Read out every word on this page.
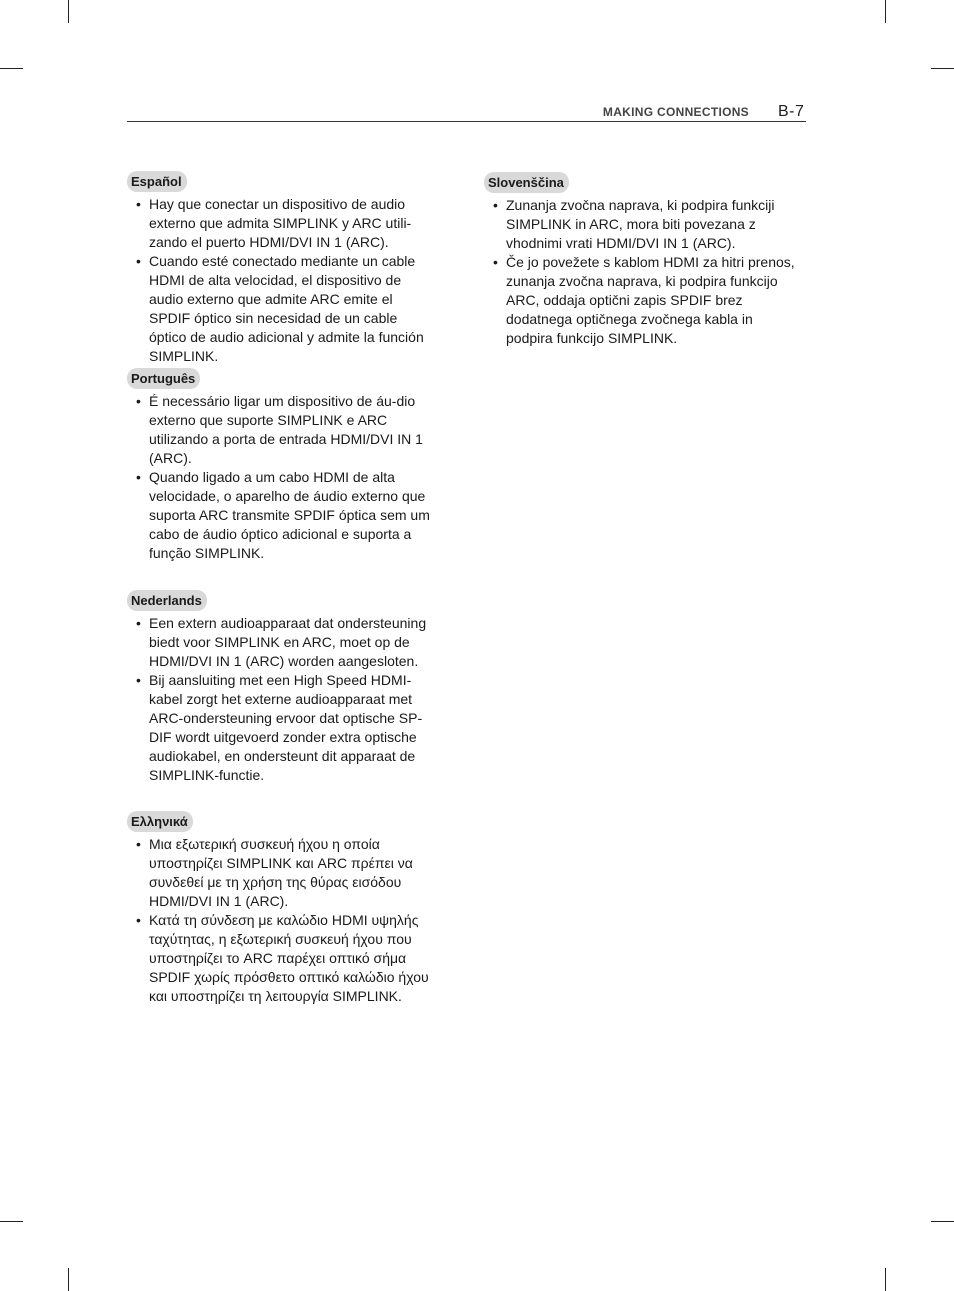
MAKING CONNECTIONS B-7
Español
• Hay que conectar un dispositivo de audio externo que admita SIMPLINK y ARC utili-zando el puerto HDMI/DVI IN 1 (ARC).
• Cuando esté conectado mediante un cable HDMI de alta velocidad, el dispositivo de audio externo que admite ARC emite el SPDIF óptico sin necesidad de un cable óptico de audio adicional y admite la función SIMPLINK.
Português
• É necessário ligar um dispositivo de áu-dio externo que suporte SIMPLINK e ARC utilizando a porta de entrada HDMI/DVI IN 1 (ARC).
• Quando ligado a um cabo HDMI de alta velocidade, o aparelho de áudio externo que suporta ARC transmite SPDIF óptica sem um cabo de áudio óptico adicional e suporta a função SIMPLINK.
Nederlands
• Een extern audioapparaat dat ondersteuning biedt voor SIMPLINK en ARC, moet op de HDMI/DVI IN 1 (ARC) worden aangesloten.
• Bij aansluiting met een High Speed HDMI-kabel zorgt het externe audioapparaat met ARC-ondersteuning ervoor dat optische SP-DIF wordt uitgevoerd zonder extra optische audiokabel, en ondersteunt dit apparaat de SIMPLINK-functie.
Ελληνικά
• Μια εξωτερική συσκευή ήχου η οποία υποστηρίζει SIMPLINK και ARC πρέπει να συνδεθεί με τη χρήση της θύρας εισόδου HDMI/DVI IN 1 (ARC).
• Κατά τη σύνδεση με καλώδιο HDMI υψηλής ταχύτητας, η εξωτερική συσκευή ήχου που υποστηρίζει το ARC παρέχει οπτικό σήμα SPDIF χωρίς πρόσθετο οπτικό καλώδιο ήχου και υποστηρίζει τη λειτουργία SIMPLINK.
Slovenščina
• Zunanja zvočna naprava, ki podpira funkciji SIMPLINK in ARC, mora biti povezana z vhodnimi vrati HDMI/DVI IN 1 (ARC).
• Če jo povežete s kablom HDMI za hitri prenos, zunanja zvočna naprava, ki podpira funkcijo ARC, oddaja optični zapis SPDIF brez dodatnega optičnega zvočnega kabla in podpira funkcijo SIMPLINK.
